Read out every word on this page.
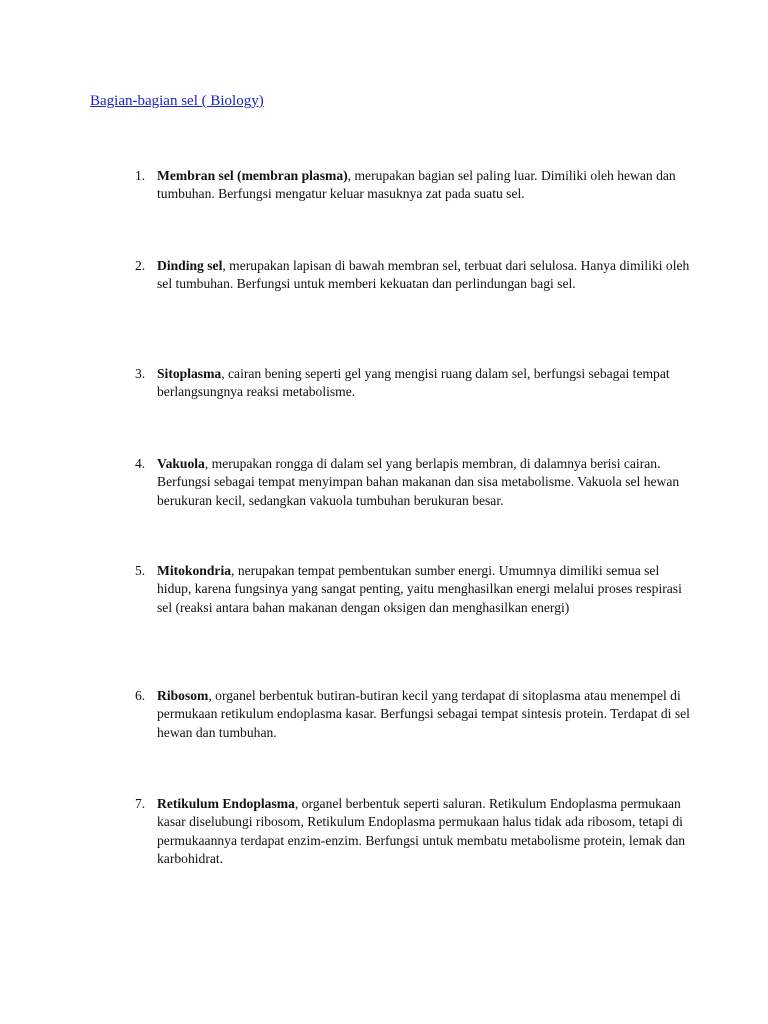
Bagian-bagian sel ( Biology)
1. Membran sel (membran plasma), merupakan bagian sel paling luar. Dimiliki oleh hewan dan tumbuhan. Berfungsi mengatur keluar masuknya zat pada suatu sel.
2. Dinding sel, merupakan lapisan di bawah membran sel, terbuat dari selulosa. Hanya dimiliki oleh sel tumbuhan. Berfungsi untuk memberi kekuatan dan perlindungan bagi sel.
3. Sitoplasma, cairan bening seperti gel yang mengisi ruang dalam sel, berfungsi sebagai tempat berlangsungnya reaksi metabolisme.
4. Vakuola, merupakan rongga di dalam sel yang berlapis membran, di dalamnya berisi cairan. Berfungsi sebagai tempat menyimpan bahan makanan dan sisa metabolisme. Vakuola sel hewan berukuran kecil, sedangkan vakuola tumbuhan berukuran besar.
5. Mitokondria, nerupakan tempat pembentukan sumber energi. Umumnya dimiliki semua sel hidup, karena fungsinya yang sangat penting, yaitu menghasilkan energi melalui proses respirasi sel (reaksi antara bahan makanan dengan oksigen dan menghasilkan energi)
6. Ribosom, organel berbentuk butiran-butiran kecil yang terdapat di sitoplasma atau menempel di permukaan retikulum endoplasma kasar. Berfungsi sebagai tempat sintesis protein. Terdapat di sel hewan dan tumbuhan.
7. Retikulum Endoplasma, organel berbentuk seperti saluran. Retikulum Endoplasma permukaan kasar diselubungi ribosom, Retikulum Endoplasma permukaan halus tidak ada ribosom, tetapi di permukaannya terdapat enzim-enzim. Berfungsi untuk membatu metabolisme protein, lemak dan karbohidrat.
